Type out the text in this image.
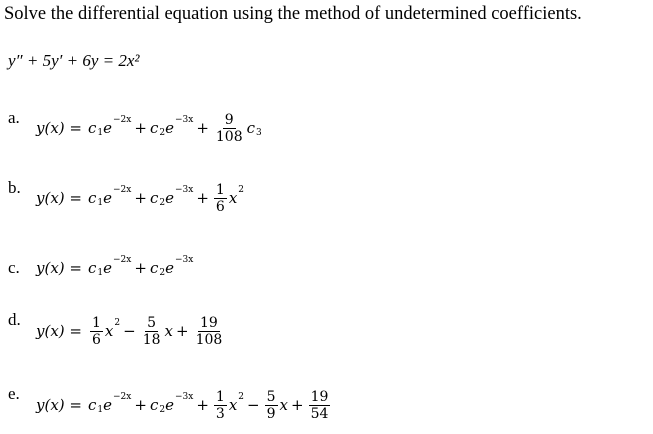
Solve the differential equation using the method of undetermined coefficients.
y″ + 5y′ + 6y = 2x²
a.
y(x) = c 1 e −2x + c 2 $e -3x + \frac{9}{108}$ c 3
b.
y(x) = c 1 e −2x + c 2 $e -3x + \frac{1}{6}$ x 2
c. y(x) = c 1 e −2x + c 2 e −3x
d.
$y(x) = \frac{1}{6}$ x $2 - \frac{5}{18}$ $x + \frac{19}{108}$
e.
y(x) = c 1 e −2x + c 2 $e -3x + \frac{1}{3}$ x $2 - \frac{5}{9}$ $x + \frac{19}{54}$
